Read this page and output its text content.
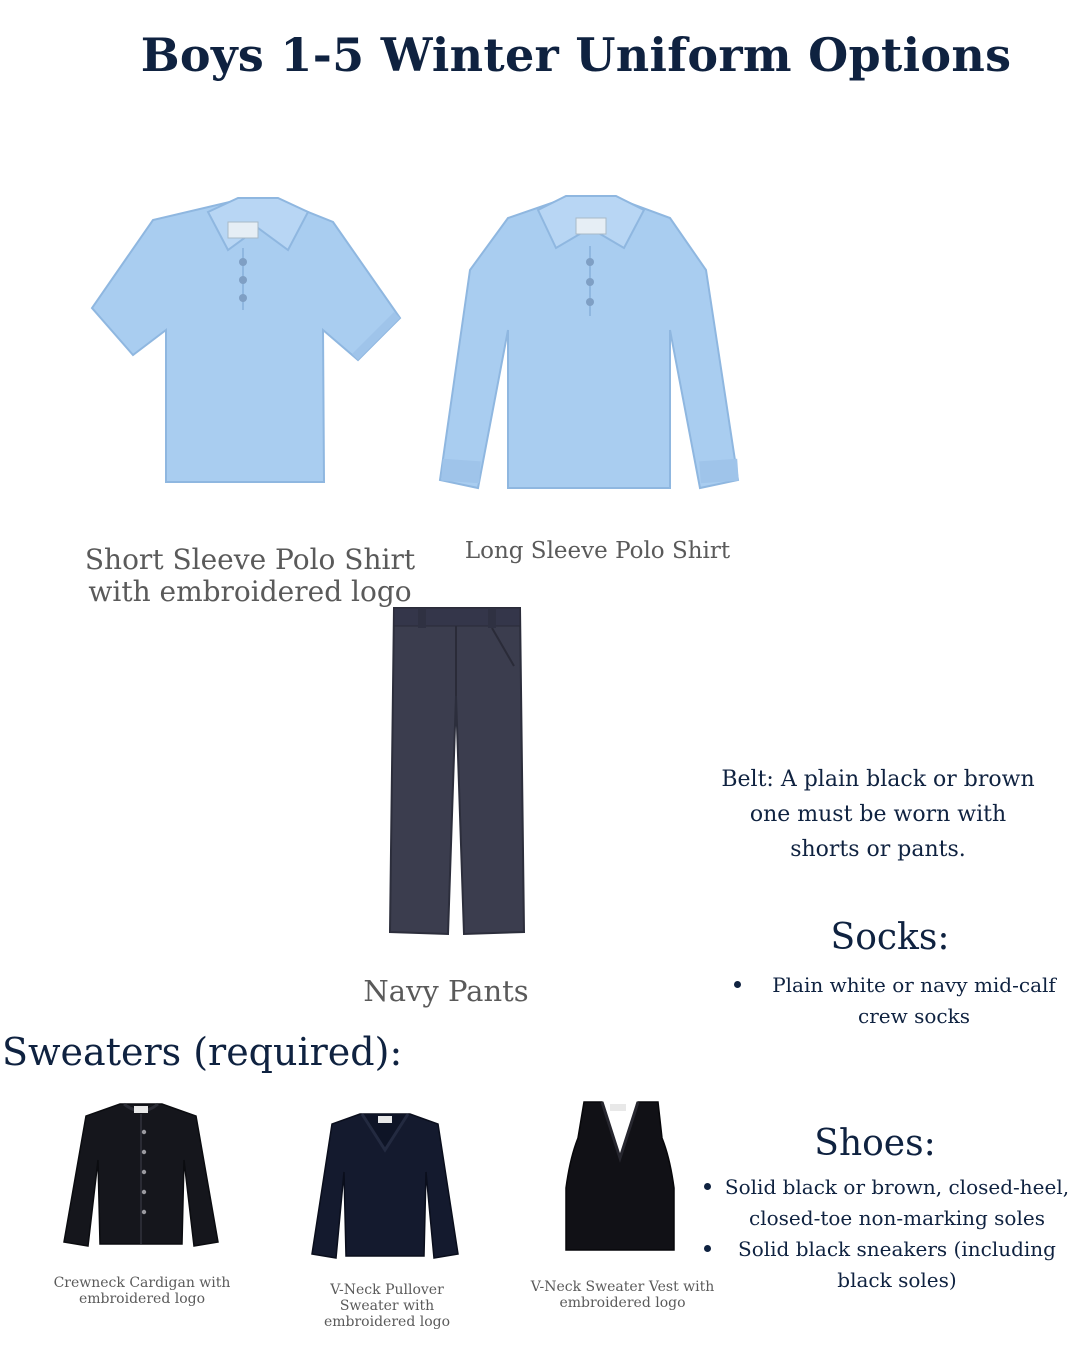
Boys 1-5 Winter Uniform Options
Short Sleeve Polo Shirt with embroidered logo
Long Sleeve Polo Shirt
Navy Pants
Belt: A plain black or brown one must be worn with shorts or pants.
Socks:
Plain white or navy mid-calf crew socks
Sweaters (required):
Crewneck Cardigan with embroidered logo
V-Neck Pullover Sweater with embroidered logo
V-Neck Sweater Vest with embroidered logo
Shoes:
Solid black or brown, closed-heel, closed-toe non-marking soles
Solid black sneakers (including black soles)
